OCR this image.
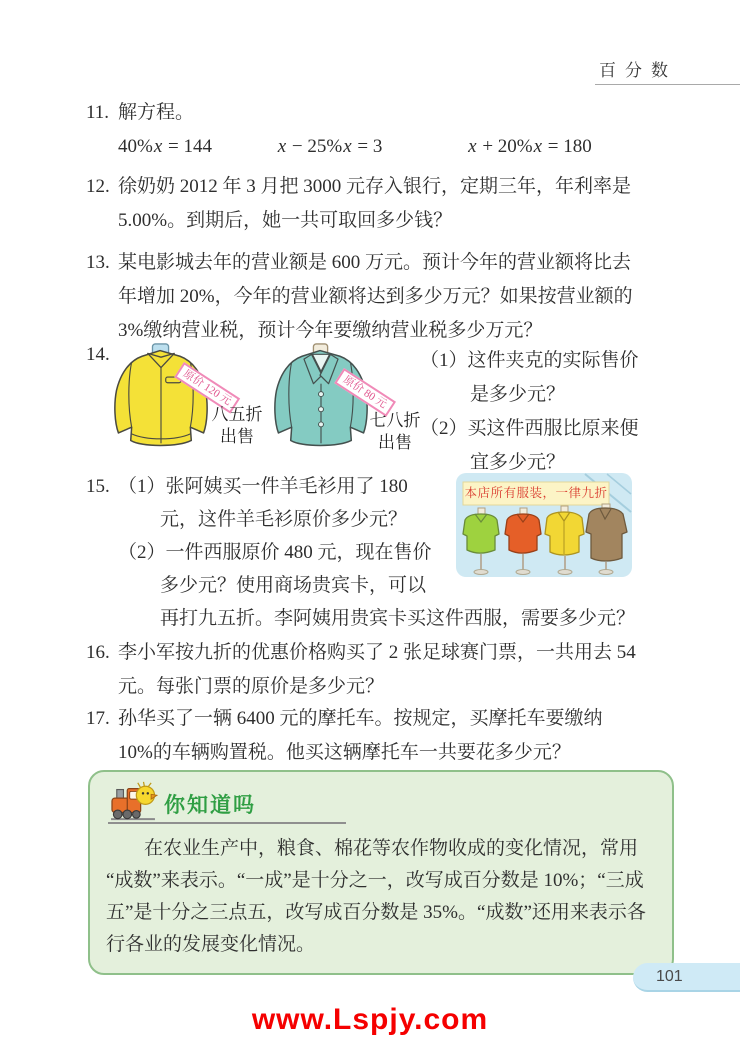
百分数
11. 解方程。
40%x = 144	x − 25%x = 3	x + 20%x = 180
12. 徐奶奶 2012 年 3 月把 3000 元存入银行，定期三年，年利率是
5.00%。到期后，她一共可取回多少钱？
13. 某电影城去年的营业额是 600 万元。预计今年的营业额将比去
年增加 20%，今年的营业额将达到多少万元？如果按营业额的
3%缴纳营业税，预计今年要缴纳营业税多少万元？
14.
原价 120 元
八五折
出售
原价 80 元
七八折
出售
（1）这件夹克的实际售价
是多少元？
（2）买这件西服比原来便
宜多少元？
15. （1）张阿姨买一件羊毛衫用了 180
元，这件羊毛衫原价多少元？
（2）一件西服原价 480 元，现在售价
多少元？使用商场贵宾卡，可以
再打九五折。李阿姨用贵宾卡买这件西服，需要多少元？
本店所有服装，一律九折
16. 李小军按九折的优惠价格购买了 2 张足球赛门票，一共用去 54
元。每张门票的原价是多少元？
17. 孙华买了一辆 6400 元的摩托车。按规定，买摩托车要缴纳
10%的车辆购置税。他买这辆摩托车一共要花多少元？
你知道吗
在农业生产中，粮食、棉花等农作物收成的变化情况，常用
“成数”来表示。“一成”是十分之一，改写成百分数是 10%；“三成
五”是十分之三点五，改写成百分数是 35%。“成数”还用来表示各
行各业的发展变化情况。
101
www.Lspjy.com
